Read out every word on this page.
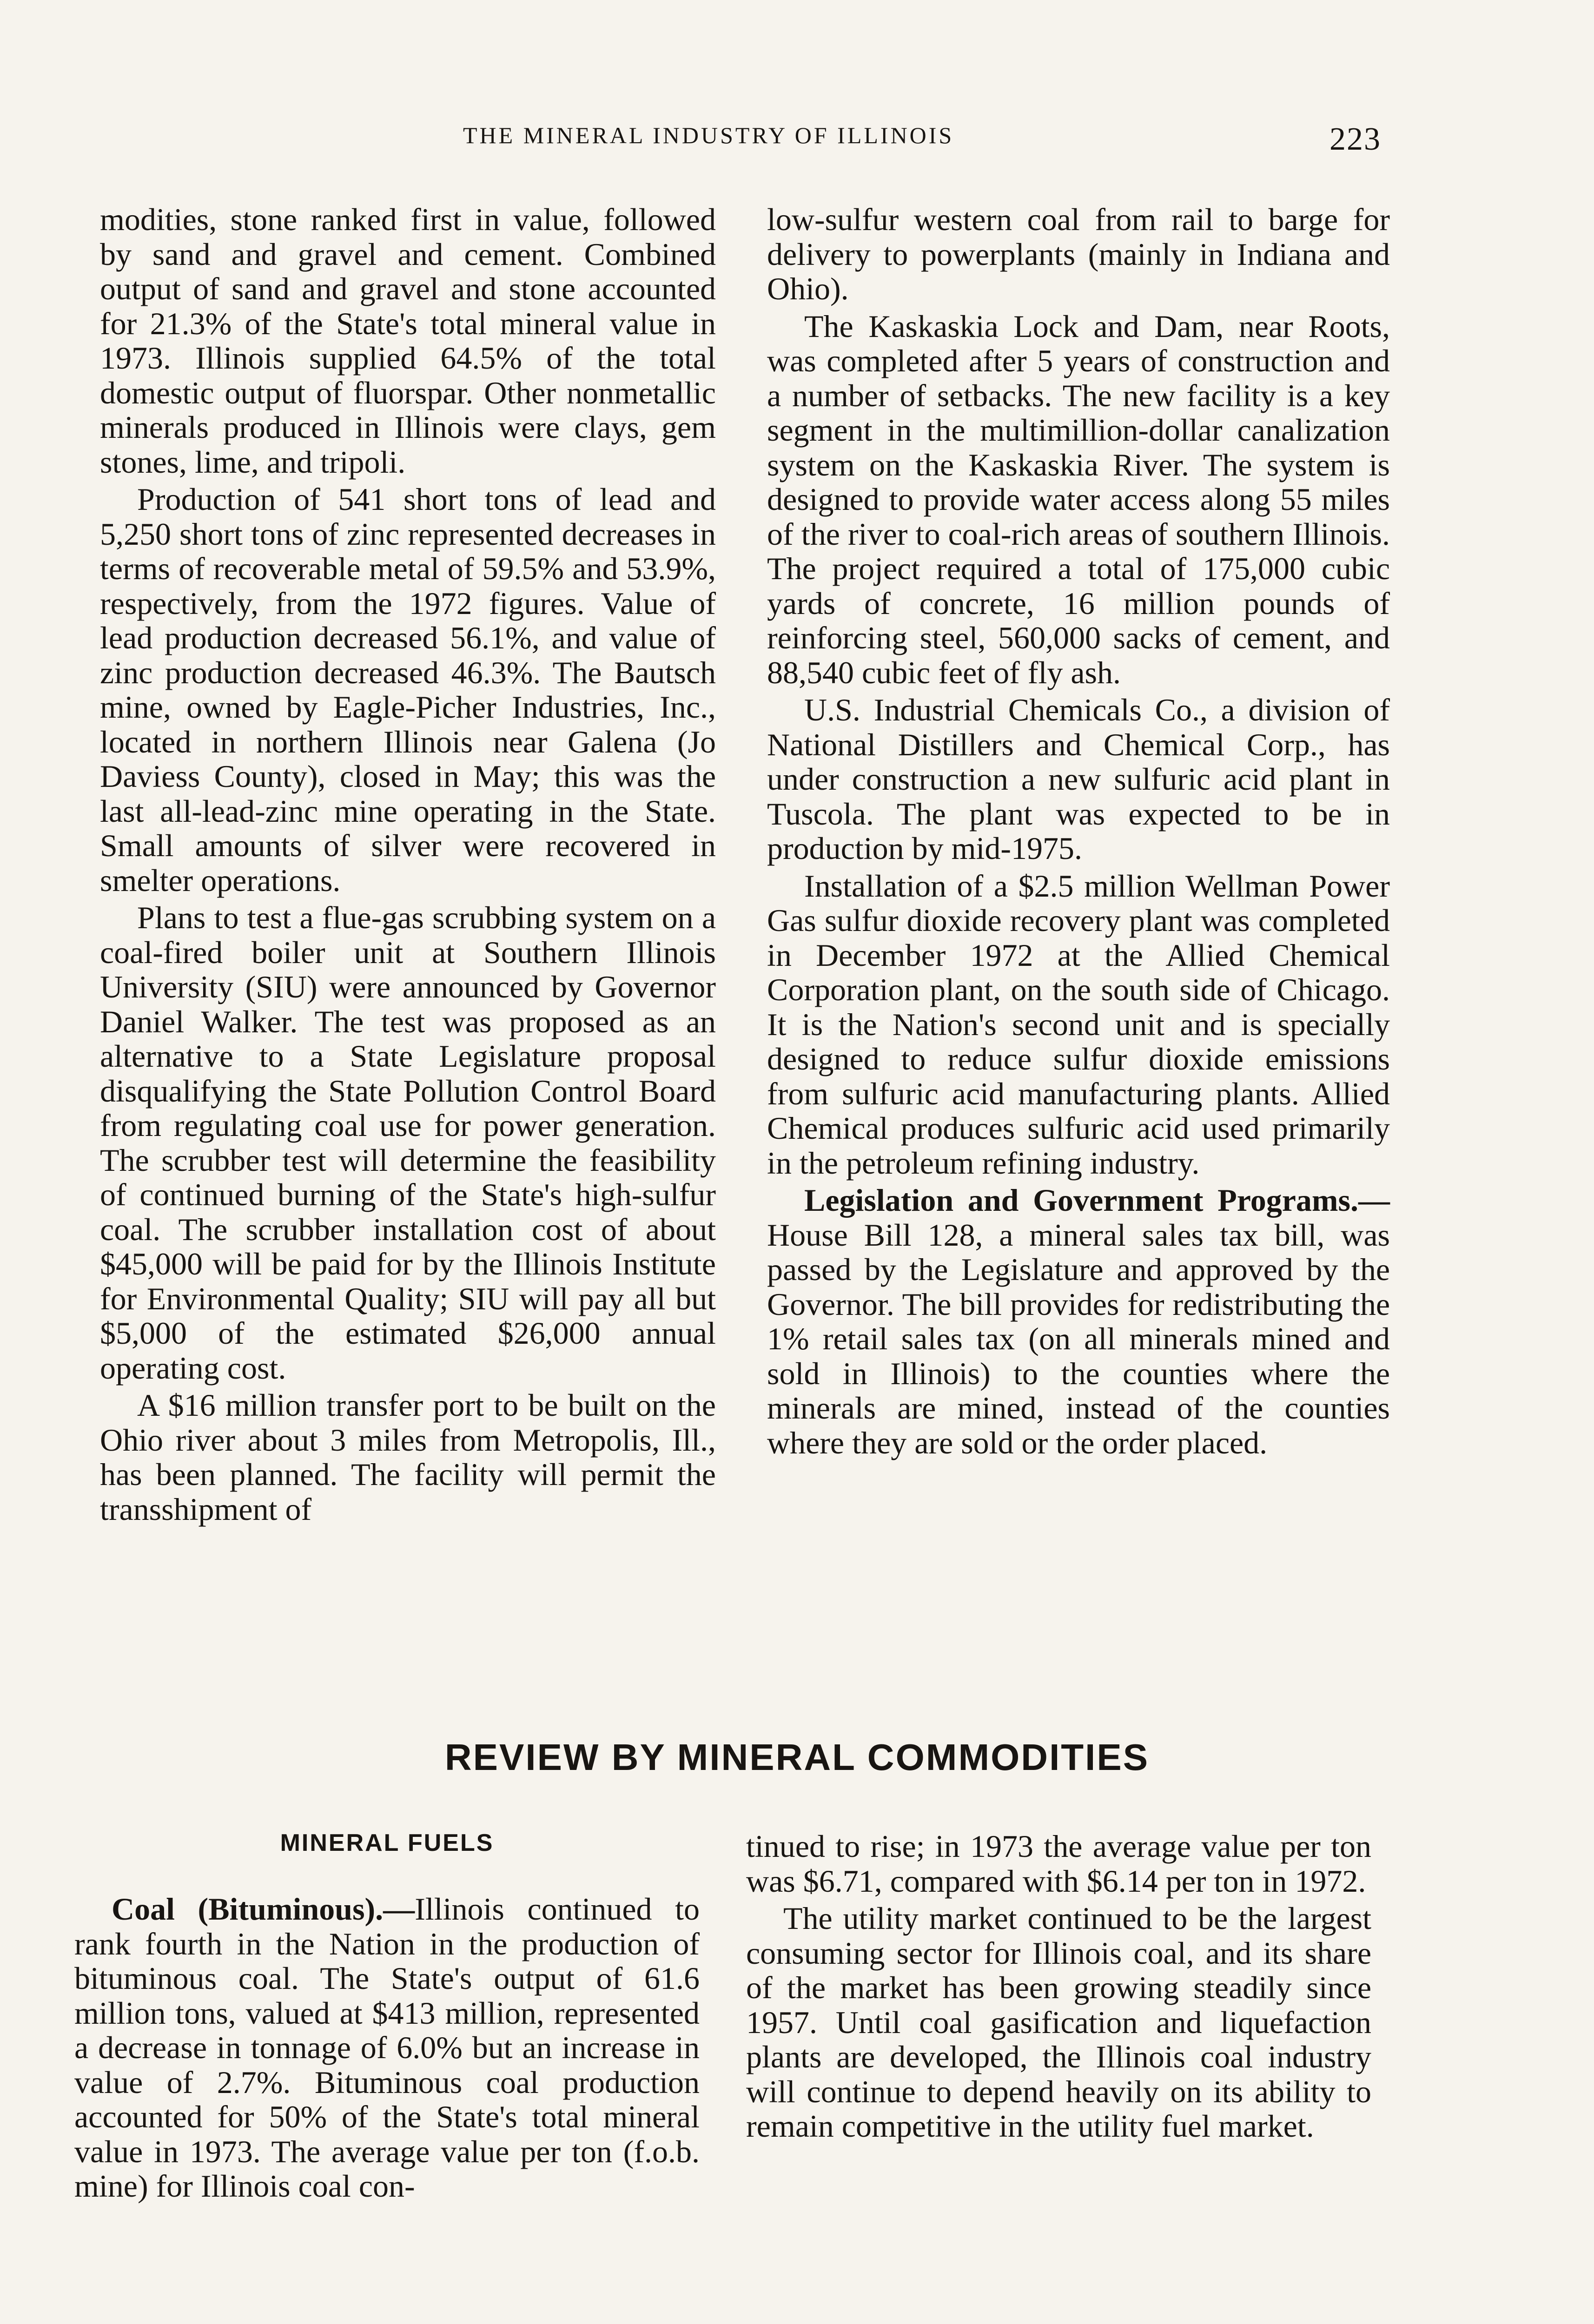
THE MINERAL INDUSTRY OF ILLINOIS	223

modities, stone ranked first in value, followed by sand and gravel and cement. Combined output of sand and gravel and stone accounted for 21.3% of the State's total mineral value in 1973. Illinois supplied 64.5% of the total domestic output of fluorspar. Other nonmetallic minerals produced in Illinois were clays, gem stones, lime, and tripoli.

Production of 541 short tons of lead and 5,250 short tons of zinc represented decreases in terms of recoverable metal of 59.5% and 53.9%, respectively, from the 1972 figures. Value of lead production decreased 56.1%, and value of zinc production decreased 46.3%. The Bautsch mine, owned by Eagle-Picher Industries, Inc., located in northern Illinois near Galena (Jo Daviess County), closed in May; this was the last all-lead-zinc mine operating in the State. Small amounts of silver were recovered in smelter operations.

Plans to test a flue-gas scrubbing system on a coal-fired boiler unit at Southern Illinois University (SIU) were announced by Governor Daniel Walker. The test was proposed as an alternative to a State Legislature proposal disqualifying the State Pollution Control Board from regulating coal use for power generation. The scrubber test will determine the feasibility of continued burning of the State's high-sulfur coal. The scrubber installation cost of about $45,000 will be paid for by the Illinois Institute for Environmental Quality; SIU will pay all but $5,000 of the estimated $26,000 annual operating cost.

A $16 million transfer port to be built on the Ohio river about 3 miles from Metropolis, Ill., has been planned. The facility will permit the transshipment of

low-sulfur western coal from rail to barge for delivery to powerplants (mainly in Indiana and Ohio).

The Kaskaskia Lock and Dam, near Roots, was completed after 5 years of construction and a number of setbacks. The new facility is a key segment in the multimillion-dollar canalization system on the Kaskaskia River. The system is designed to provide water access along 55 miles of the river to coal-rich areas of southern Illinois. The project required a total of 175,000 cubic yards of concrete, 16 million pounds of reinforcing steel, 560,000 sacks of cement, and 88,540 cubic feet of fly ash.

U.S. Industrial Chemicals Co., a division of National Distillers and Chemical Corp., has under construction a new sulfuric acid plant in Tuscola. The plant was expected to be in production by mid-1975.

Installation of a $2.5 million Wellman Power Gas sulfur dioxide recovery plant was completed in December 1972 at the Allied Chemical Corporation plant, on the south side of Chicago. It is the Nation's second unit and is specially designed to reduce sulfur dioxide emissions from sulfuric acid manufacturing plants. Allied Chemical produces sulfuric acid used primarily in the petroleum refining industry.

Legislation and Government Programs.—House Bill 128, a mineral sales tax bill, was passed by the Legislature and approved by the Governor. The bill provides for redistributing the 1% retail sales tax (on all minerals mined and sold in Illinois) to the counties where the minerals are mined, instead of the counties where they are sold or the order placed.

REVIEW BY MINERAL COMMODITIES
MINERAL FUELS

Coal (Bituminous).—Illinois continued to rank fourth in the Nation in the production of bituminous coal. The State's output of 61.6 million tons, valued at $413 million, represented a decrease in tonnage of 6.0% but an increase in value of 2.7%. Bituminous coal production accounted for 50% of the State's total mineral value in 1973. The average value per ton (f.o.b. mine) for Illinois coal con-

tinued to rise; in 1973 the average value per ton was $6.71, compared with $6.14 per ton in 1972.

The utility market continued to be the largest consuming sector for Illinois coal, and its share of the market has been growing steadily since 1957. Until coal gasification and liquefaction plants are developed, the Illinois coal industry will continue to depend heavily on its ability to remain competitive in the utility fuel market.
